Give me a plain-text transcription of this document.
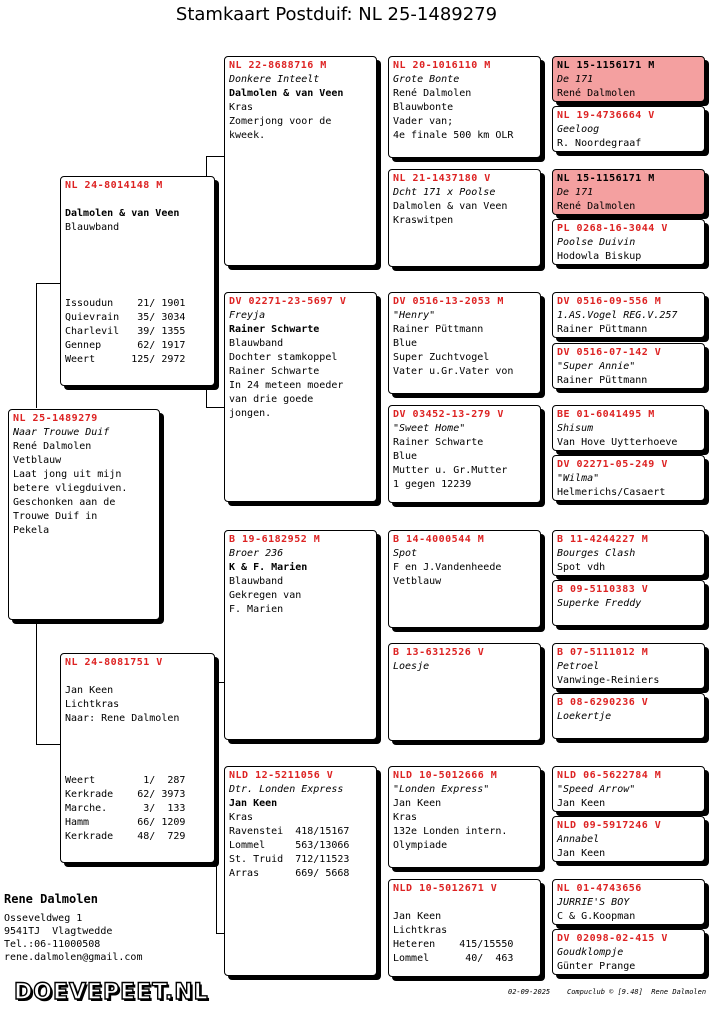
Stamkaart Postduif: NL 25-1489279
NL 25-1489279
Naar Trouwe Duif
René Dalmolen
Vetblauw
Laat jong uit mijn
betere vliegduiven.
Geschonken aan de
Trouwe Duif in
Pekela
NL 24-8014148 M
Dalmolen & van Veen
Blauwband
Issoudun    21/ 1901
Quievrain   35/ 3034
Charlevil   39/ 1355
Gennep      62/ 1917
Weert      125/ 2972
NL 24-8081751 V
Jan Keen
Lichtkras
Naar: Rene Dalmolen
Weert        1/  287
Kerkrade    62/ 3973
Marche.      3/  133
Hamm        66/ 1209
Kerkrade    48/  729
NL 22-8688716 M
Donkere Inteelt
Dalmolen & van Veen
Kras
Zomerjong voor de
kweek.
DV 02271-23-5697 V
Freyja
Rainer Schwarte
Blauwband
Dochter stamkoppel
Rainer Schwarte
In 24 meteen moeder
van drie goede
jongen.
B 19-6182952 M
Broer 236
K & F. Marien
Blauwband
Gekregen van
F. Marien
NLD 12-5211056 V
Dtr. Londen Express
Jan Keen
Kras
Ravenstei  418/15167
Lommel     563/13066
St. Truid  712/11523
Arras      669/ 5668
NL 20-1016110 M
Grote Bonte
René Dalmolen
Blauwbonte
Vader van;
4e finale 500 km OLR
NL 21-1437180 V
Dcht 171 x Poolse
Dalmolen & van Veen
Kraswitpen
DV 0516-13-2053 M
"Henry"
Rainer Püttmann
Blue
Super Zuchtvogel
Vater u.Gr.Vater von
DV 03452-13-279 V
"Sweet Home"
Rainer Schwarte
Blue
Mutter u. Gr.Mutter
1 gegen 12239
B 14-4000544 M
Spot
F en J.Vandenheede
Vetblauw
B 13-6312526 V
Loesje
NLD 10-5012666 M
"Londen Express"
Jan Keen
Kras
132e Londen intern.
Olympiade
NLD 10-5012671 V
Jan Keen
Lichtkras
Heteren    415/15550
Lommel      40/  463
NL 15-1156171 M
De 171
René Dalmolen
NL 19-4736664 V
Geeloog
R. Noordegraaf
NL 15-1156171 M
De 171
René Dalmolen
PL 0268-16-3044 V
Poolse Duivin
Hodowla Biskup
DV 0516-09-556 M
1.AS.Vogel REG.V.257
Rainer Püttmann
DV 0516-07-142 V
"Super Annie"
Rainer Püttmann
BE 01-6041495 M
Shisum
Van Hove Uytterhoeve
DV 02271-05-249 V
"Wilma"
Helmerichs/Casaert
B 11-4244227 M
Bourges Clash
Spot vdh
B 09-5110383 V
Superke Freddy
B 07-5111012 M
Petroel
Vanwinge-Reiniers
B 08-6290236 V
Loekertje
NLD 06-5622784 M
"Speed Arrow"
Jan Keen
NLD 09-5917246 V
Annabel
Jan Keen
NL 01-4743656
JURRIE'S BOY
C & G.Koopman
DV 02098-02-415 V
Goudklompje
Günter Prange
Rene Dalmolen
Osseveldweg 1
9541TJ  Vlagtwedde
Tel.:06-11000508
rene.dalmolen@gmail.com
DOEVEPEET.NL	02-09-2025    Compuclub © [9.48]  Rene Dalmolen
